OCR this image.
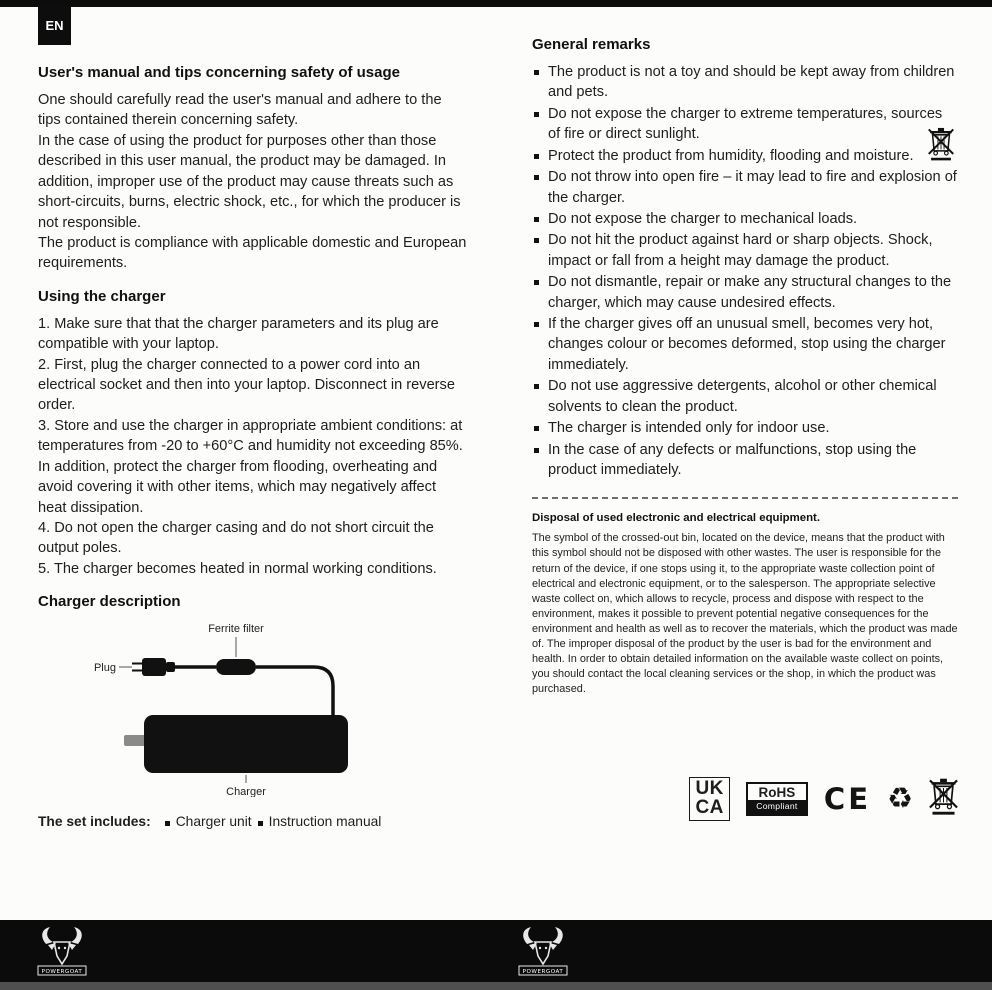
EN
User's manual and tips concerning safety of usage
One should carefully read the user's manual and adhere to the tips contained therein concerning safety.
In the case of using the product for purposes other than those described in this user manual, the product may be damaged. In addition, improper use of the product may cause threats such as short-circuits, burns, electric shock, etc., for which the producer is not responsible.
The product is compliance with applicable domestic and European requirements.
Using the charger
1. Make sure that that the charger parameters and its plug are compatible with your laptop.
2. First, plug the charger connected to a power cord into an electrical socket and then into your laptop. Disconnect in reverse order.
3. Store and use the charger in appropriate ambient conditions: at temperatures from -20 to +60°C and humidity not exceeding 85%. In addition, protect the charger from flooding, overheating and avoid covering it with other items, which may negatively affect heat dissipation.
4. Do not open the charger casing and do not short circuit the output poles.
5. The charger becomes heated in normal working conditions.
Charger description
Ferrite filter
Plug
Charger
The set includes: Charger unit Instruction manual
General remarks
The product is not a toy and should be kept away from children and pets.
Do not expose the charger to extreme temperatures, sources of fire or direct sunlight.
Protect the product from humidity, flooding and moisture.
Do not throw into open fire – it may lead to fire and explosion of the charger.
Do not expose the charger to mechanical loads.
Do not hit the product against hard or sharp objects. Shock, impact or fall from a height may damage the product.
Do not dismantle, repair or make any structural changes to the charger, which may cause undesired effects.
If the charger gives off an unusual smell, becomes very hot, changes colour or becomes deformed, stop using the charger immediately.
Do not use aggressive detergents, alcohol or other chemical solvents to clean the product.
The charger is intended only for indoor use.
In the case of any defects or malfunctions, stop using the product immediately.
Disposal of used electronic and electrical equipment.
The symbol of the crossed-out bin, located on the device, means that the product with this symbol should not be disposed with other wastes. The user is responsible for the return of the device, if one stops using it, to the appropriate waste collection point of electrical and electronic equipment, or to the salesperson. The appropriate selective waste collect on, which allows to recycle, process and dispose with respect to the environment, makes it possible to prevent potential negative consequences for the environment and health as well as to recover the materials, which the product was made of. The improper disposal of the product by the user is bad for the environment and health. In order to obtain detailed information on the available waste collect on points, you should contact the local cleaning services or the shop, in which the product was purchased.
UK
CA
RoHS
Compliant CE ♻
POWERGOAT	POWERGOAT
